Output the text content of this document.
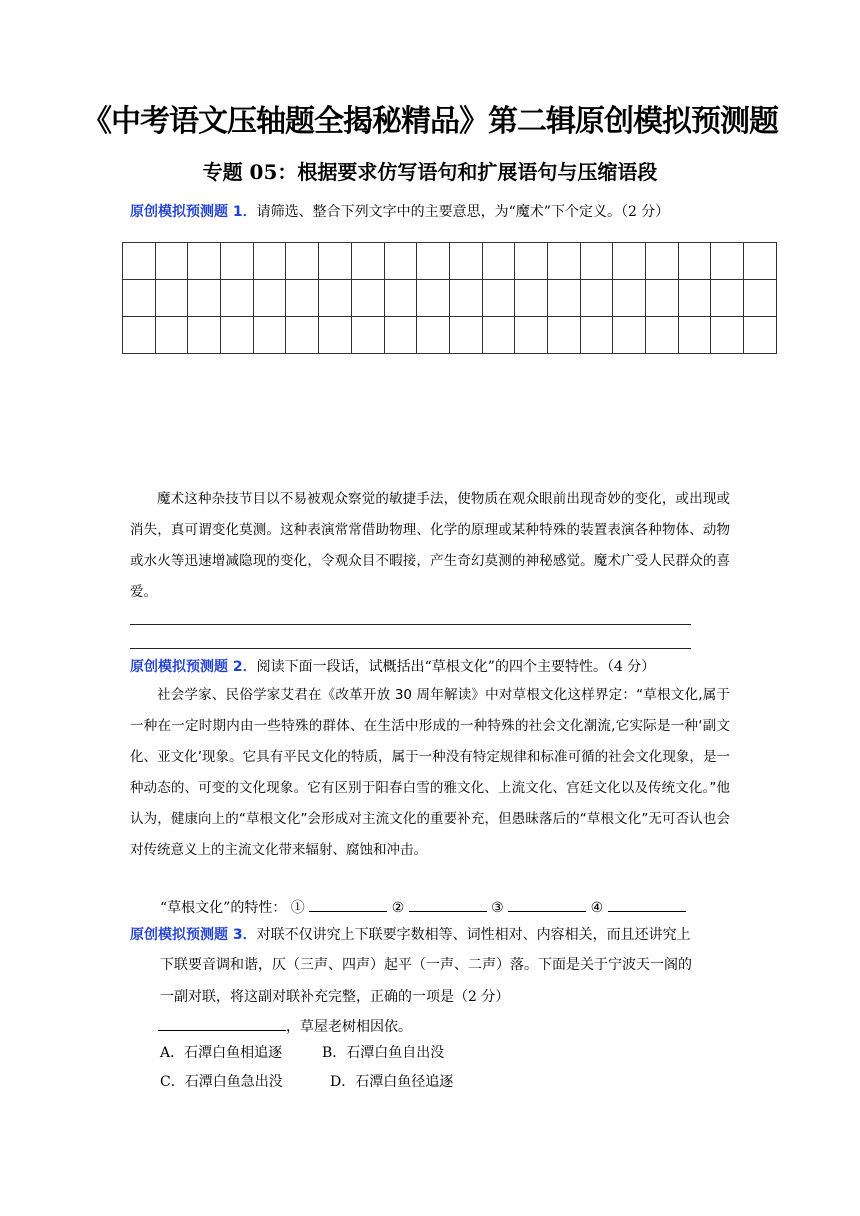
《中考语文压轴题全揭秘精品》第二辑原创模拟预测题
专题 05：根据要求仿写语句和扩展语句与压缩语段
原创模拟预测题 1．请筛选、整合下列文字中的主要意思，为“魔术”下个定义。（2 分）

魔术这种杂技节目以不易被观众察觉的敏捷手法，使物质在观众眼前出现奇妙的变化，或出现或消失，真可谓变化莫测。这种表演常常借助物理、化学的原理或某种特殊的装置表演各种物体、动物或水火等迅速增减隐现的变化，令观众目不暇接，产生奇幻莫测的神秘感觉。魔术广受人民群众的喜爱。

原创模拟预测题 2．阅读下面一段话，试概括出“草根文化”的四个主要特性。（4 分）

社会学家、民俗学家艾君在《改革开放 30 周年解读》中对草根文化这样界定：“草根文化,属于一种在一定时期内由一些特殊的群体、在生活中形成的一种特殊的社会文化潮流,它实际是一种‘副文化、亚文化’现象。它具有平民文化的特质，属于一种没有特定规律和标准可循的社会文化现象，是一种动态的、可变的文化现象。它有区别于阳春白雪的雅文化、上流文化、宫廷文化以及传统文化。”他认为，健康向上的“草根文化”会形成对主流文化的重要补充，但愚昧落后的“草根文化”无可否认也会对传统意义上的主流文化带来辐射、腐蚀和冲击。

“草根文化”的特性： ①	②	③	④
原创模拟预测题 3．对联不仅讲究上下联要字数相等、词性相对、内容相关，而且还讲究上
下联要音调和谐，仄（三声、四声）起平（一声、二声）落。下面是关于宁波天一阁的
一副对联，将这副对联补充完整，正确的一项是（2 分）
，草屋老树相因依。
A．石潭白鱼相追逐	B．石潭白鱼自出没
C．石潭白鱼急出没	D．石潭白鱼径追逐
